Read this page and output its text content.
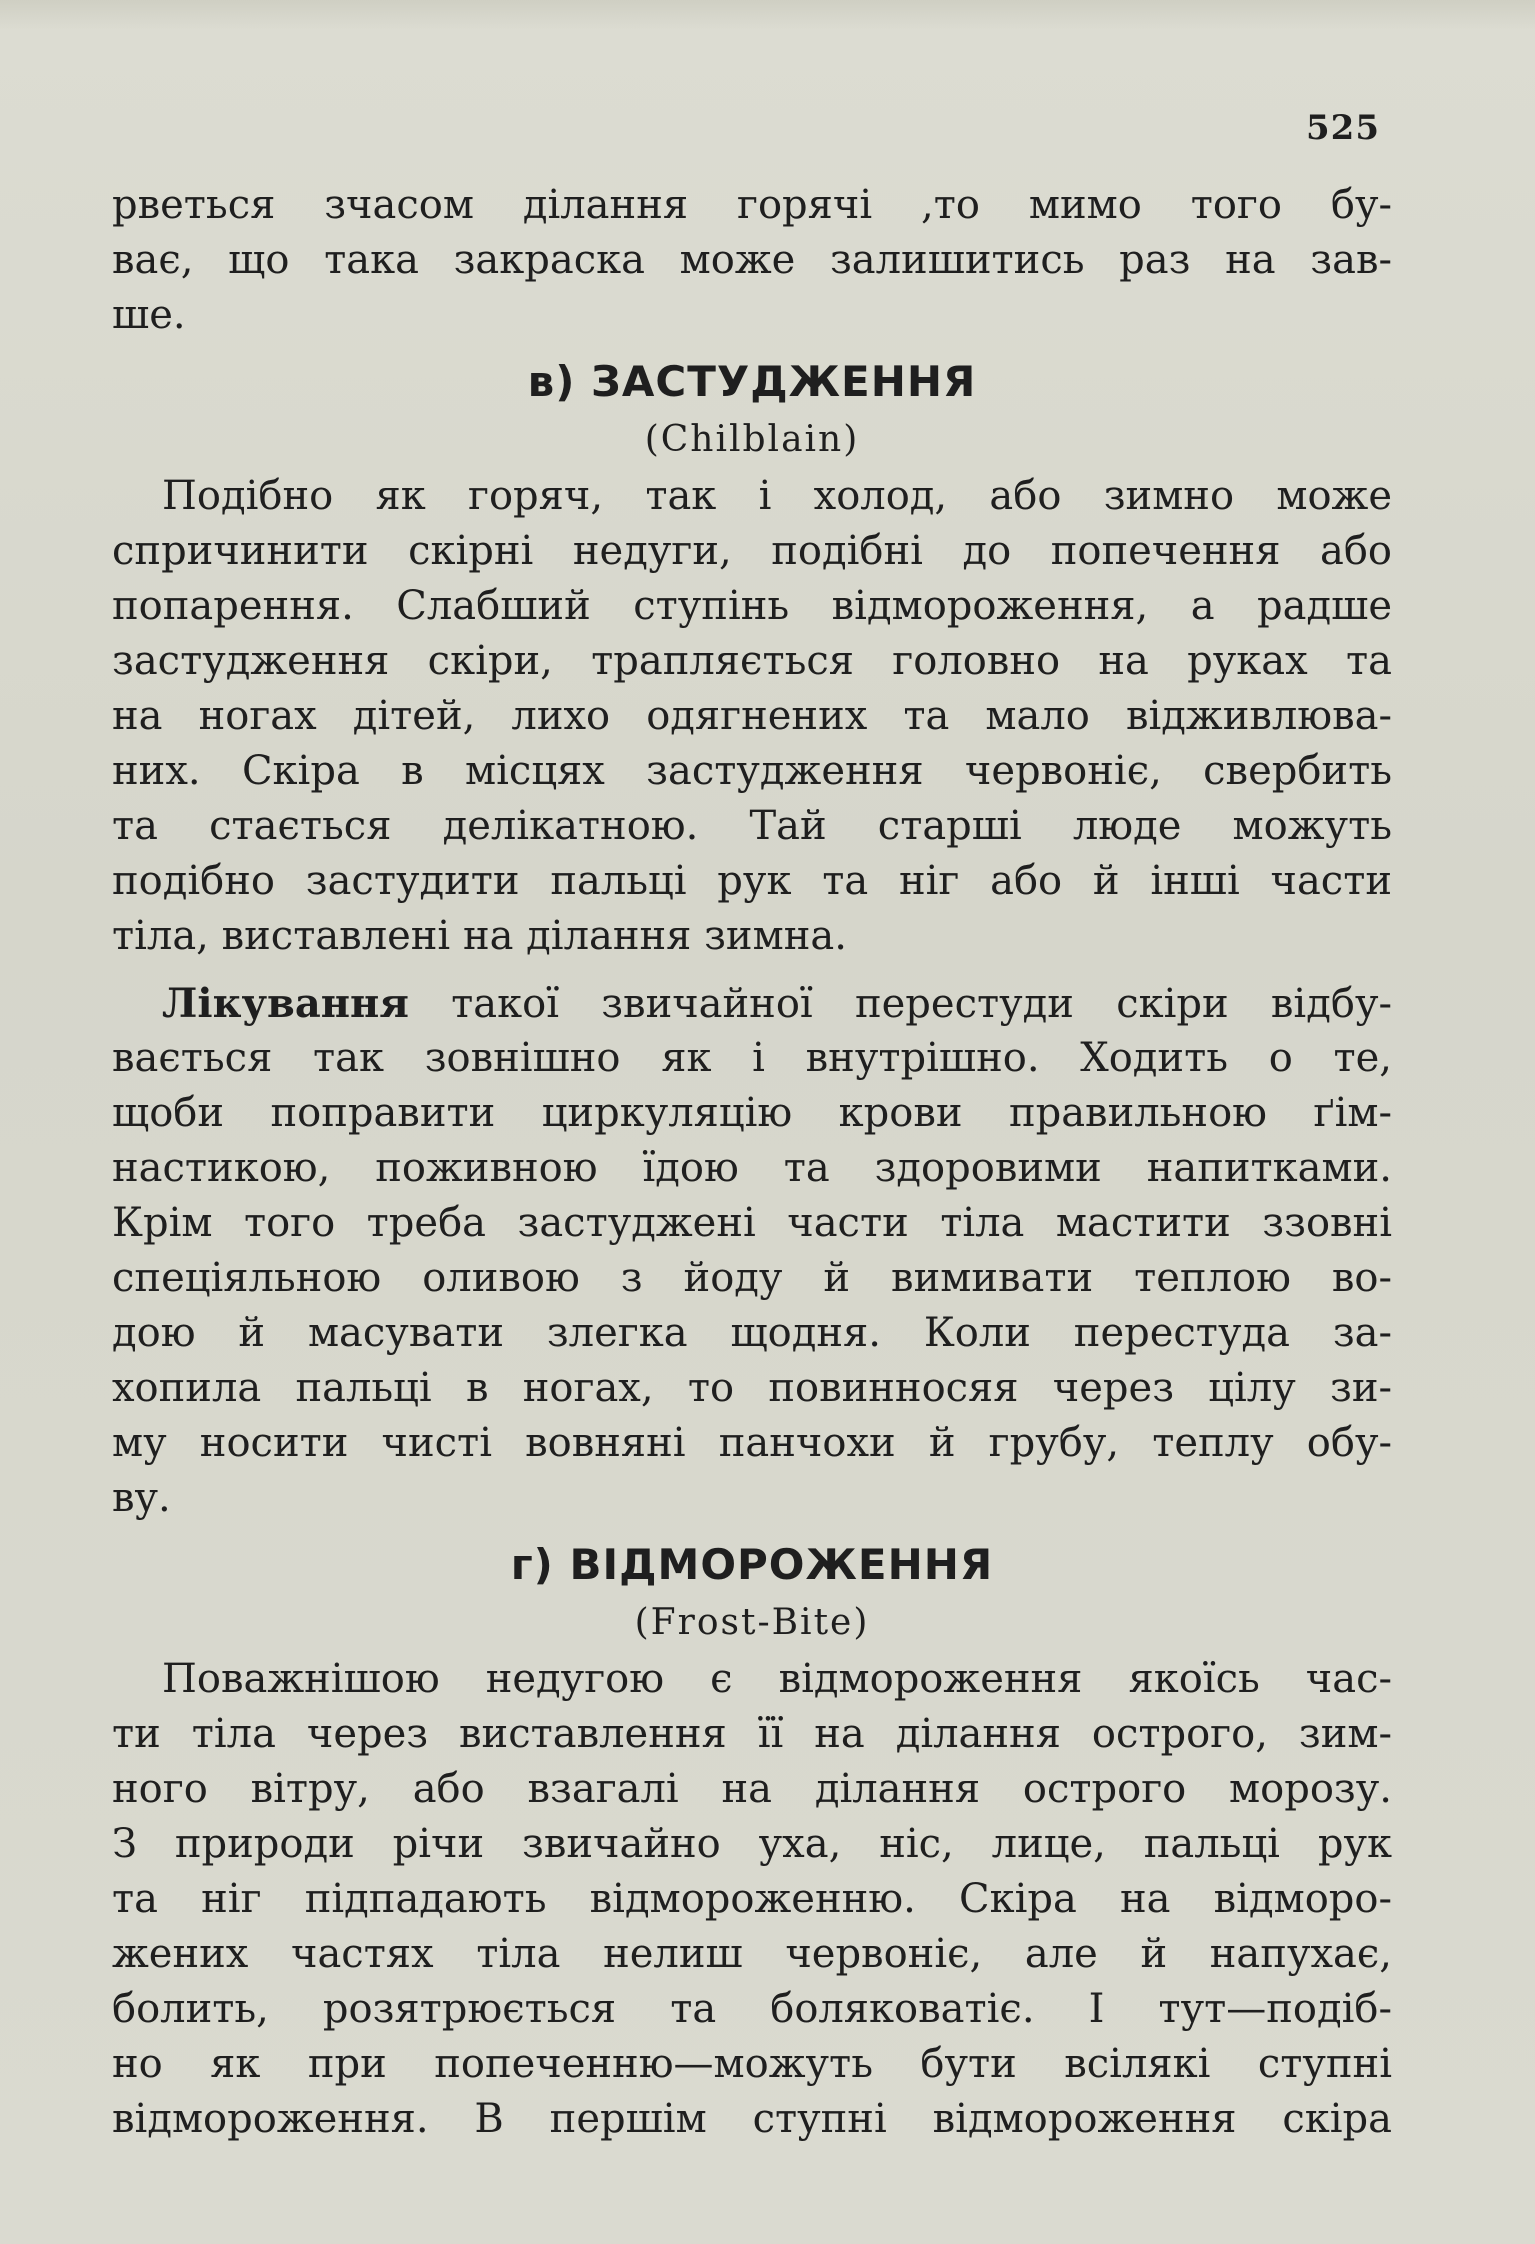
525
рветься зчасом ділання горячі ,то мимо того бу-
ває, що така закраска може залишитись раз на зав-
ше.
в) ЗАСТУДЖЕННЯ
(Chilblain)
Подібно як горяч, так і холод, або зимно може
спричинити скірні недуги, подібні до попечення або
попарення. Слабший ступінь відмороження, а радше
застудження скіри, трапляється головно на руках та
на ногах дітей, лихо одягнених та мало відживлюва-
них. Скіра в місцях застудження червоніє, свербить
та стається делікатною. Тай старші люде можуть
подібно застудити пальці рук та ніг або й інші части
тіла, виставлені на ділання зимна.
Лікування такої звичайної перестуди скіри відбу-
вається так зовнішно як і внутрішно. Ходить о те,
щоби поправити циркуляцію крови правильною ґім-
настикою, поживною їдою та здоровими напитками.
Крім того треба застуджені части тіла мастити ззовні
спеціяльною оливою з йоду й вимивати теплою во-
дою й масувати злегка щодня. Коли перестуда за-
хопила пальці в ногах, то повинносяя через цілу зи-
му носити чисті вовняні панчохи й грубу, теплу обу-
ву.
г) ВІДМОРОЖЕННЯ
(Frost-Bite)
Поважнішою недугою є відмороження якоїсь час-
ти тіла через виставлення її на ділання острого, зим-
ного вітру, або взагалі на ділання острого морозу.
З природи річи звичайно уха, ніс, лице, пальці рук
та ніг підпадають відмороженню. Скіра на відморо-
жених частях тіла нелиш червоніє, але й напухає,
болить, розятрюється та боляковатіє. І тут—подіб-
но як при попеченню—можуть бути всілякі ступні
відмороження. В першім ступні відмороження скіра
